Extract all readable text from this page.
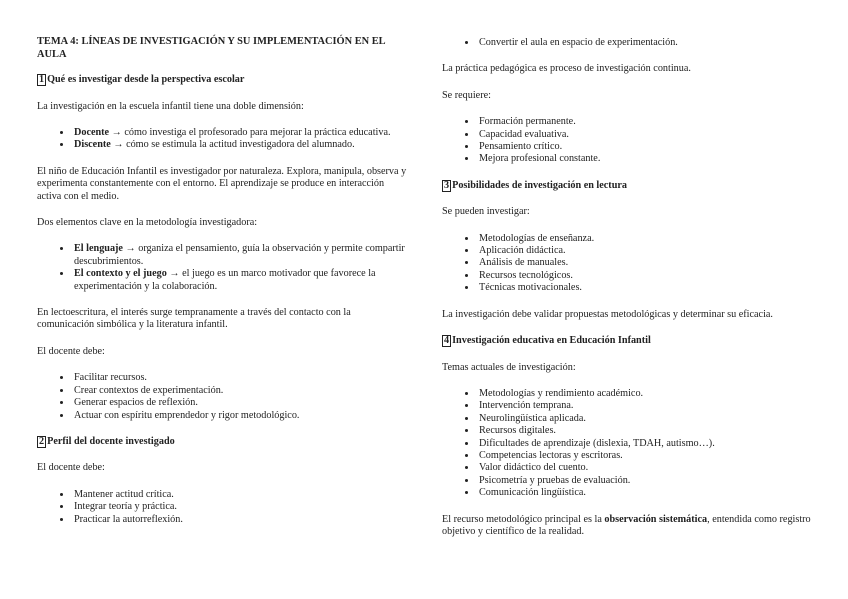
TEMA 4: LÍNEAS DE INVESTIGACIÓN Y SU IMPLEMENTACIÓN EN EL AULA
1 Qué es investigar desde la perspectiva escolar

La investigación en la escuela infantil tiene una doble dimensión:

• Docente → cómo investiga el profesorado para mejorar la práctica educativa.
• Discente → cómo se estimula la actitud investigadora del alumnado.

El niño de Educación Infantil es investigador por naturaleza. Explora, manipula, observa y experimenta constantemente con el entorno. El aprendizaje se produce en interacción activa con el medio.

Dos elementos clave en la metodología investigadora:

• El lenguaje → organiza el pensamiento, guía la observación y permite compartir descubrimientos.
• El contexto y el juego → el juego es un marco motivador que favorece la experimentación y la colaboración.

En lectoescritura, el interés surge tempranamente a través del contacto con la comunicación simbólica y la literatura infantil.

El docente debe:

• Facilitar recursos.
• Crear contextos de experimentación.
• Generar espacios de reflexión.
• Actuar con espíritu emprendedor y rigor metodológico.
2 Perfil del docente investigado

El docente debe:

• Mantener actitud crítica.
• Integrar teoría y práctica.
• Practicar la autorreflexión.
• Convertir el aula en espacio de experimentación.

La práctica pedagógica es proceso de investigación continua.

Se requiere:

• Formación permanente.
• Capacidad evaluativa.
• Pensamiento crítico.
• Mejora profesional constante.
3 Posibilidades de investigación en lectura

Se pueden investigar:

• Metodologías de enseñanza.
• Aplicación didáctica.
• Análisis de manuales.
• Recursos tecnológicos.
• Técnicas motivacionales.

La investigación debe validar propuestas metodológicas y determinar su eficacia.

4 Investigación educativa en Educación Infantil

Temas actuales de investigación:

• Metodologías y rendimiento académico.
• Intervención temprana.
• Neurolingüística aplicada.
• Recursos digitales.
• Dificultades de aprendizaje (dislexia, TDAH, autismo…).
• Competencias lectoras y escritoras.
• Valor didáctico del cuento.
• Psicometría y pruebas de evaluación.
• Comunicación lingüística.

El recurso metodológico principal es la observación sistemática, entendida como registro objetivo y científico de la realidad.
